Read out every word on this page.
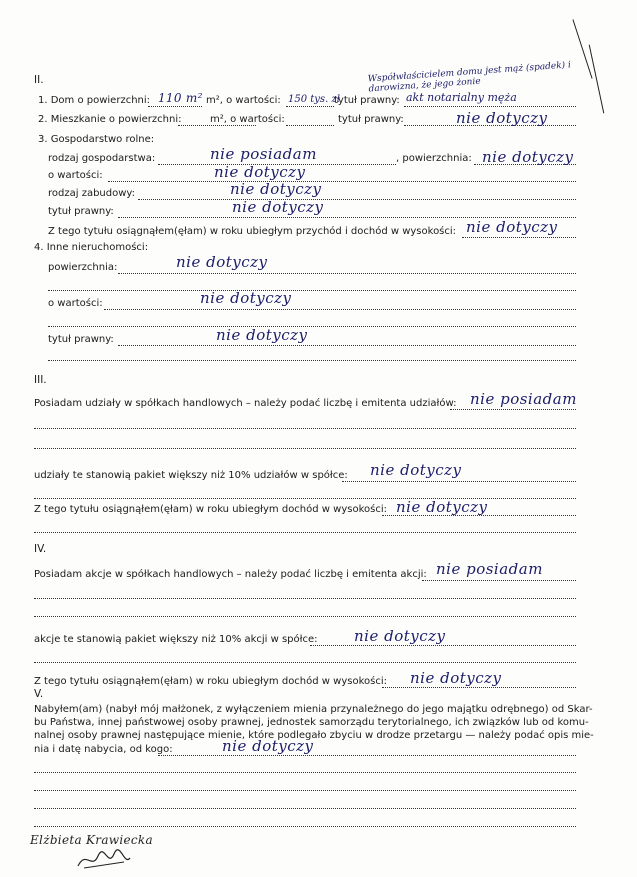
II.	Współwłaścicielem domu jest mąż (spadek) i darowizna, że jego żonie
1. Dom o powierzchni: 110 m² m², o wartości: 150 tys. zł
tytuł prawny: akt notarialny męża
2. Mieszkanie o powierzchni:	m², o wartości:	tytuł prawny:	nie dotyczy
3. Gospodarstwo rolne:
rodzaj gospodarstwa:	nie posiadam	, powierzchnia: nie dotyczy
o wartości:	nie dotyczy
rodzaj zabudowy:	nie dotyczy
tytuł prawny:	nie dotyczy
Z tego tytułu osiągnąłem(ęłam) w roku ubiegłym przychód i dochód w wysokości: nie dotyczy
4. Inne nieruchomości:
powierzchnia:	nie dotyczy
o wartości:	nie dotyczy
tytuł prawny:	nie dotyczy
III.
Posiadam udziały w spółkach handlowych – należy podać liczbę i emitenta udziałów: nie posiadam
udziały te stanowią pakiet większy niż 10% udziałów w spółce: nie dotyczy
Z tego tytułu osiągnąłem(ęłam) w roku ubiegłym dochód w wysokości: nie dotyczy
IV.
Posiadam akcje w spółkach handlowych – należy podać liczbę i emitenta akcji: nie posiadam
akcje te stanowią pakiet większy niż 10% akcji w spółce: nie dotyczy
Z tego tytułu osiągnąłem(ęłam) w roku ubiegłym dochód w wysokości: nie dotyczy
V.
Nabyłem(am) (nabył mój małżonek, z wyłączeniem mienia przynależnego do jego majątku odrębnego) od Skar-
bu Państwa, innej państwowej osoby prawnej, jednostek samorządu terytorialnego, ich związków lub od komu-
nalnej osoby prawnej następujące mienie, które podlegało zbyciu w drodze przetargu — należy podać opis mie-
nia i datę nabycia, od kogo:	nie dotyczy
Elżbieta Krawiecka
